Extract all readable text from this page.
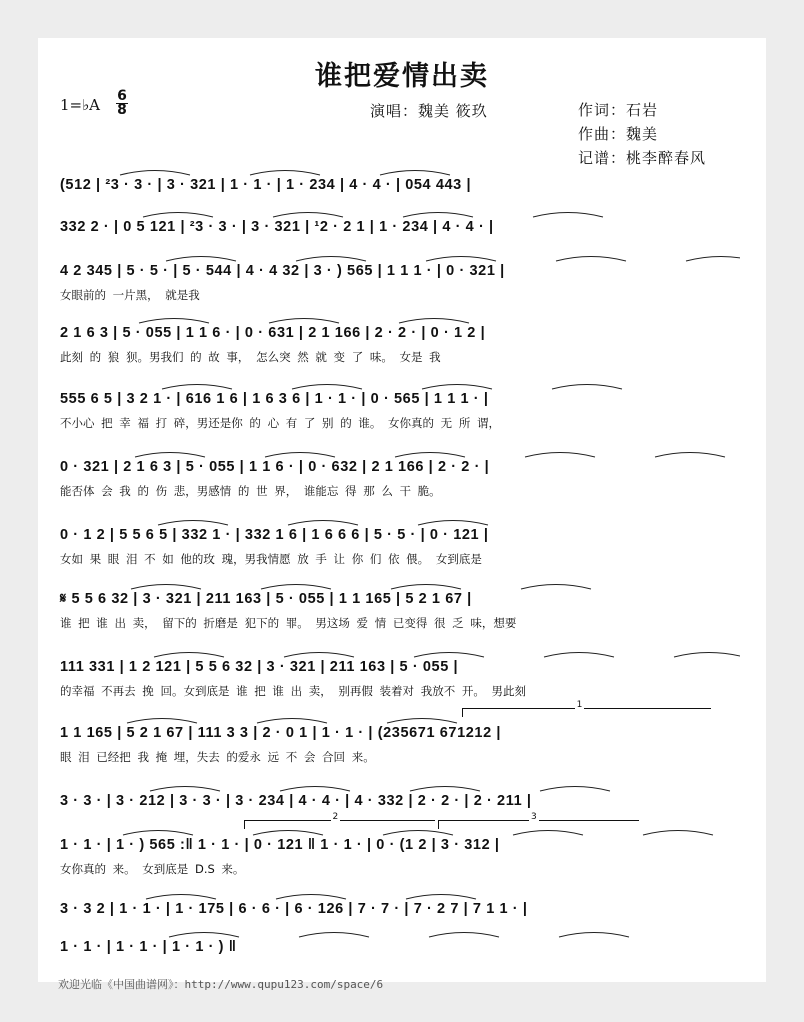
谁把爱情出卖
1=♭A 6
8	演唱：魏美 筱玖	作词：石岩
作曲：魏美
记谱：桃李醉春风
(512 | ²3 · 3 · | 3 · 321 | 1 · 1 · | 1 · 234 | 4 · 4 · | 054 443 |
332 2 · | 0 5 121 | ²3 · 3 · | 3 · 321 | ¹2 · 2 1 | 1 · 234 | 4 · 4 · |
4 2 345 | 5 · 5 · | 5 · 544 | 4 · 4 32 | 3 · ) 565 | 1 1 1 · | 0 · 321 |
女眼前的 一片黑， 就是我
2 1 6 3 | 5 · 055 | 1 1 6 · | 0 · 631 | 2 1 166 | 2 · 2 · | 0 · 1 2 |
此刻 的 狼 狈。男我们 的 故 事， 怎么突 然 就 变 了 味。 女是 我
555 6 5 | 3 2 1 · | 616 1 6 | 1 6 3 6 | 1 · 1 · | 0 · 565 | 1 1 1 · |
不小心 把 幸 福 打 碎，男还是你 的 心 有 了 别 的 谁。 女你真的 无 所 谓，
0 · 321 | 2 1 6 3 | 5 · 055 | 1 1 6 · | 0 · 632 | 2 1 166 | 2 · 2 · |
能否体 会 我 的 伤 悲，男感情 的 世 界， 谁能忘 得 那 么 干 脆。
0 · 1 2 | 5 5 6 5 | 332 1 · | 332 1 6 | 1 6 6 6 | 5 · 5 · | 0 · 121 |
女如 果 眼 泪 不 如 他的玫 瑰，男我情愿 放 手 让 你 们 依 偎。 女到底是
𝄋 5 5 6 32 | 3 · 321 | 211 163 | 5 · 055 | 1 1 165 | 5 2 1 67 |
谁 把 谁 出 卖， 留下的 折磨是 犯下的 罪。 男这场 爱 情 已变得 很 乏 味，想要
111 331 | 1 2 121 | 5 5 6 32 | 3 · 321 | 211 163 | 5 · 055 |
的幸福 不再去 挽 回。女到底是 谁 把 谁 出 卖， 别再假 装着对 我放不 开。 男此刻
1 1 165 | 5 2 1 67 | 111 3 3 | 2 · 0 1 | 1 · 1 · | (235671 671212 |
眼 泪 已经把 我 掩 埋，失去 的爱永 远 不 会 合回 来。
3 · 3 · | 3 · 212 | 3 · 3 · | 3 · 234 | 4 · 4 · | 4 · 332 | 2 · 2 · | 2 · 211 |
1 · 1 · | 1 · ) 565 :‖ 1 · 1 · | 0 · 121 ‖ 1 · 1 · | 0 · (1 2 | 3 · 312 |
女你真的 来。 女到底是 D.S 来。
3 · 3 2 | 1 · 1 · | 1 · 175 | 6 · 6 · | 6 · 126 | 7 · 7 · | 7 · 2 7 | 7 1 1 · |
1 · 1 · | 1 · 1 · | 1 · 1 · ) ‖
欢迎光临《中国曲谱网》：http://www.qupu123.com/space/6
1
2	3
